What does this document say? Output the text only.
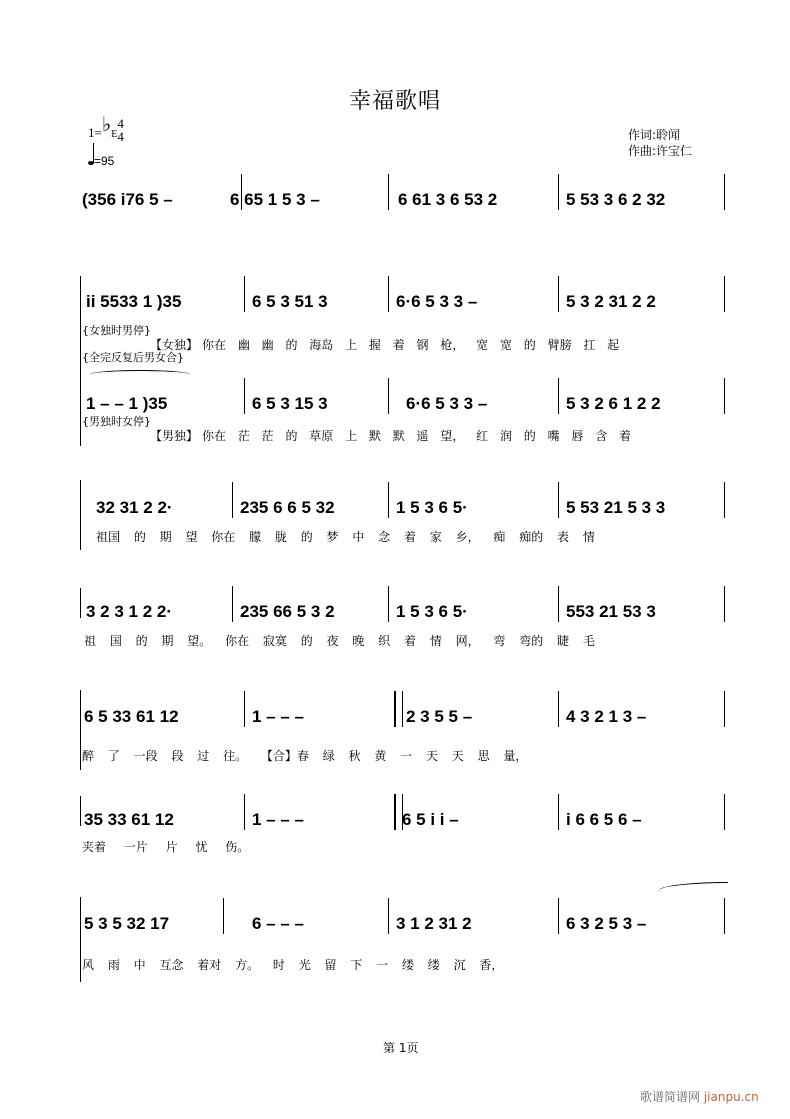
幸福歌唱
1=♭E4
4
=95
作词:聆闻
作曲:许宝仁
(356 i76 5 –	6 65 1 5 3 –	6 61 3 6 53 2	5 53 3 6 2 32
ii 5533 1 )35	6 5 3 51 3	6·6 5 3 3 –	5 3 2 31 2 2
{女独时男停}
【女独】 你在 幽 幽 的 海岛 上 握 着 钢 枪， 宽 宽 的 臂膀 扛 起
{全完反复后男女合}
1 – – 1 )35	6 5 3 15 3	6·6 5 3 3 –	5 3 2 6 1 2 2
{男独时女停}
【男独】 你在 茫 茫 的 草原 上 默 默 遥 望， 红 润 的 嘴 唇 含 着
32 31 2 2·	235 6 6 5 32	1 5 3 6 5·	5 53 21 5 3 3
祖国 的 期 望 你在 朦 胧 的 梦 中 念 着 家 乡， 痴 痴的 表 情
3 2 3 1 2 2·	235 66 5 3 2	1 5 3 6 5·	553 21 53 3
祖 国 的 期 望。 你在 寂寞 的 夜 晚 织 着 情 网， 弯 弯的 睫 毛
6 5 33 61 12	1 – – –	2 3 5 5 –	4 3 2 1 3 –
醉 了 一段 段 过 往。 【合】春 绿 秋 黄 一 天 天 思 量，
35 33 61 12	1 – – –	6 5 i i –	i 6 6 5 6 –
夹着 一片 片 忧 伤。
5 3 5 32 17	6 – – –	3 1 2 31 2	6 3 2 5 3 –
风 雨 中 互念 着对 方。 时 光 留 下 一 缕 缕 沉 香，
第 1页
歌谱简谱网 jianpu.cn
